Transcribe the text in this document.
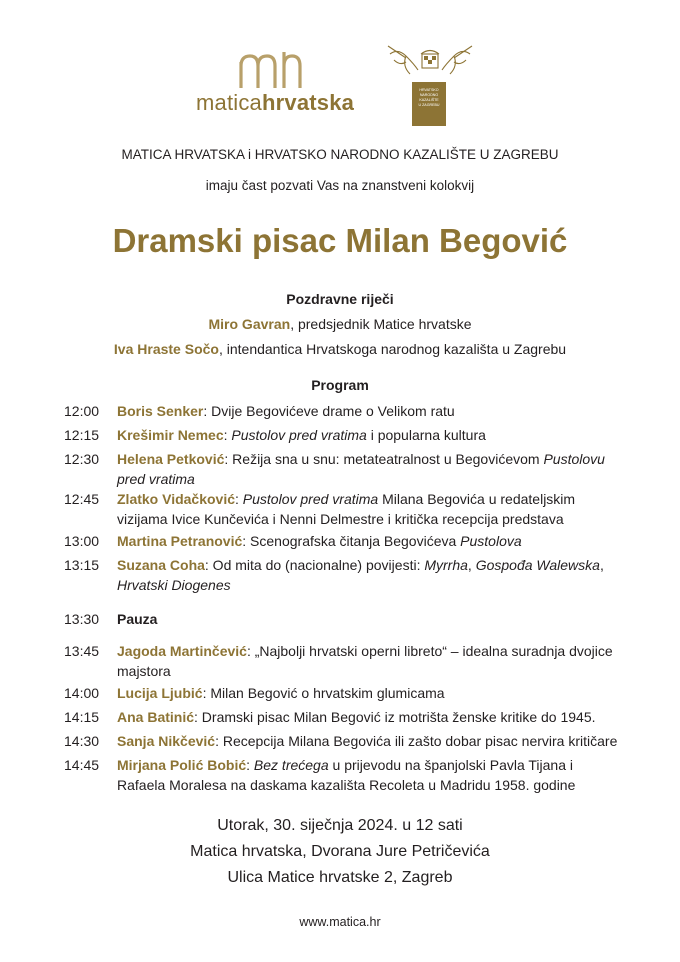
maticahrvatska	HRVATSKO
NARODNO
KAZALIŠTE
U ZAGREBU
MATICA HRVATSKA i HRVATSKO NARODNO KAZALIŠTE U ZAGREBU
imaju čast pozvati Vas na znanstveni kolokvij
Dramski pisac Milan Begović
Pozdravne riječi
Miro Gavran, predsjednik Matice hrvatske
Iva Hraste Sočo, intendantica Hrvatskoga narodnog kazališta u Zagrebu
Program
12:00	Boris Senker: Dvije Begovićeve drame o Velikom ratu
12:15	Krešimir Nemec: Pustolov pred vratima i popularna kultura
12:30	Helena Petković: Režija sna u snu: metateatralnost u Begovićevom Pustolovu pred vratima
12:45	Zlatko Vidačković: Pustolov pred vratima Milana Begovića u redateljskim vizijama Ivice Kunčevića i Nenni Delmestre i kritička recepcija predstava
13:00	Martina Petranović: Scenografska čitanja Begovićeva Pustolova
13:15	Suzana Coha: Od mita do (nacionalne) povijesti: Myrrha, Gospođa Walewska, Hrvatski Diogenes
13:30	Pauza
13:45	Jagoda Martinčević: „Najbolji hrvatski operni libreto“ – idealna suradnja dvojice majstora
14:00	Lucija Ljubić: Milan Begović o hrvatskim glumicama
14:15	Ana Batinić: Dramski pisac Milan Begović iz motrišta ženske kritike do 1945.
14:30	Sanja Nikčević: Recepcija Milana Begovića ili zašto dobar pisac nervira kritičare
14:45	Mirjana Polić Bobić: Bez trećega u prijevodu na španjolski Pavla Tijana i Rafaela Moralesa na daskama kazališta Recoleta u Madridu 1958. godine
Utorak, 30. siječnja 2024. u 12 sati
Matica hrvatska, Dvorana Jure Petričevića
Ulica Matice hrvatske 2, Zagreb
www.matica.hr
